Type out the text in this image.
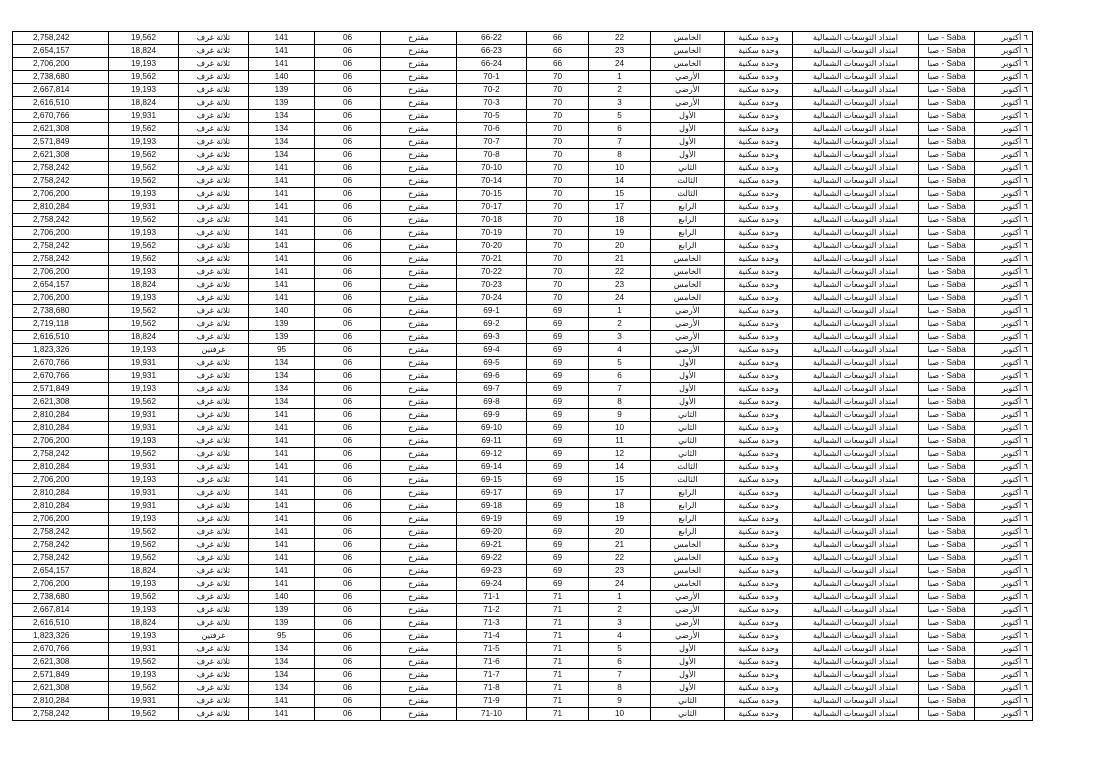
2,758,242	19,562	ثلاثة غرف	141	06	مقترح	66-22	66	22	الخامس	وحدة سكنية	امتداد التوسعات الشمالية	Saba - صبا	٦ أكتوبر
2,654,157	18,824	ثلاثة غرف	141	06	مقترح	66-23	66	23	الخامس	وحدة سكنية	امتداد التوسعات الشمالية	Saba - صبا	٦ أكتوبر
2,706,200	19,193	ثلاثة غرف	141	06	مقترح	66-24	66	24	الخامس	وحدة سكنية	امتداد التوسعات الشمالية	Saba - صبا	٦ أكتوبر
2,738,680	19,562	ثلاثة غرف	140	06	مقترح	70-1	70	1	الأرضي	وحدة سكنية	امتداد التوسعات الشمالية	Saba - صبا	٦ أكتوبر
2,667,814	19,193	ثلاثة غرف	139	06	مقترح	70-2	70	2	الأرضي	وحدة سكنية	امتداد التوسعات الشمالية	Saba - صبا	٦ أكتوبر
2,616,510	18,824	ثلاثة غرف	139	06	مقترح	70-3	70	3	الأرضي	وحدة سكنية	امتداد التوسعات الشمالية	Saba - صبا	٦ أكتوبر
2,670,766	19,931	ثلاثة غرف	134	06	مقترح	70-5	70	5	الأول	وحدة سكنية	امتداد التوسعات الشمالية	Saba - صبا	٦ أكتوبر
2,621,308	19,562	ثلاثة غرف	134	06	مقترح	70-6	70	6	الأول	وحدة سكنية	امتداد التوسعات الشمالية	Saba - صبا	٦ أكتوبر
2,571,849	19,193	ثلاثة غرف	134	06	مقترح	70-7	70	7	الأول	وحدة سكنية	امتداد التوسعات الشمالية	Saba - صبا	٦ أكتوبر
2,621,308	19,562	ثلاثة غرف	134	06	مقترح	70-8	70	8	الأول	وحدة سكنية	امتداد التوسعات الشمالية	Saba - صبا	٦ أكتوبر
2,758,242	19,562	ثلاثة غرف	141	06	مقترح	70-10	70	10	الثاني	وحدة سكنية	امتداد التوسعات الشمالية	Saba - صبا	٦ أكتوبر
2,758,242	19,562	ثلاثة غرف	141	06	مقترح	70-14	70	14	الثالث	وحدة سكنية	امتداد التوسعات الشمالية	Saba - صبا	٦ أكتوبر
2,706,200	19,193	ثلاثة غرف	141	06	مقترح	70-15	70	15	الثالث	وحدة سكنية	امتداد التوسعات الشمالية	Saba - صبا	٦ أكتوبر
2,810,284	19,931	ثلاثة غرف	141	06	مقترح	70-17	70	17	الرابع	وحدة سكنية	امتداد التوسعات الشمالية	Saba - صبا	٦ أكتوبر
2,758,242	19,562	ثلاثة غرف	141	06	مقترح	70-18	70	18	الرابع	وحدة سكنية	امتداد التوسعات الشمالية	Saba - صبا	٦ أكتوبر
2,706,200	19,193	ثلاثة غرف	141	06	مقترح	70-19	70	19	الرابع	وحدة سكنية	امتداد التوسعات الشمالية	Saba - صبا	٦ أكتوبر
2,758,242	19,562	ثلاثة غرف	141	06	مقترح	70-20	70	20	الرابع	وحدة سكنية	امتداد التوسعات الشمالية	Saba - صبا	٦ أكتوبر
2,758,242	19,562	ثلاثة غرف	141	06	مقترح	70-21	70	21	الخامس	وحدة سكنية	امتداد التوسعات الشمالية	Saba - صبا	٦ أكتوبر
2,706,200	19,193	ثلاثة غرف	141	06	مقترح	70-22	70	22	الخامس	وحدة سكنية	امتداد التوسعات الشمالية	Saba - صبا	٦ أكتوبر
2,654,157	18,824	ثلاثة غرف	141	06	مقترح	70-23	70	23	الخامس	وحدة سكنية	امتداد التوسعات الشمالية	Saba - صبا	٦ أكتوبر
2,706,200	19,193	ثلاثة غرف	141	06	مقترح	70-24	70	24	الخامس	وحدة سكنية	امتداد التوسعات الشمالية	Saba - صبا	٦ أكتوبر
2,738,680	19,562	ثلاثة غرف	140	06	مقترح	69-1	69	1	الأرضي	وحدة سكنية	امتداد التوسعات الشمالية	Saba - صبا	٦ أكتوبر
2,719,118	19,562	ثلاثة غرف	139	06	مقترح	69-2	69	2	الأرضي	وحدة سكنية	امتداد التوسعات الشمالية	Saba - صبا	٦ أكتوبر
2,616,510	18,824	ثلاثة غرف	139	06	مقترح	69-3	69	3	الأرضي	وحدة سكنية	امتداد التوسعات الشمالية	Saba - صبا	٦ أكتوبر
1,823,326	19,193	غرفتين	95	06	مقترح	69-4	69	4	الأرضي	وحدة سكنية	امتداد التوسعات الشمالية	Saba - صبا	٦ أكتوبر
2,670,766	19,931	ثلاثة غرف	134	06	مقترح	69-5	69	5	الأول	وحدة سكنية	امتداد التوسعات الشمالية	Saba - صبا	٦ أكتوبر
2,670,766	19,931	ثلاثة غرف	134	06	مقترح	69-6	69	6	الأول	وحدة سكنية	امتداد التوسعات الشمالية	Saba - صبا	٦ أكتوبر
2,571,849	19,193	ثلاثة غرف	134	06	مقترح	69-7	69	7	الأول	وحدة سكنية	امتداد التوسعات الشمالية	Saba - صبا	٦ أكتوبر
2,621,308	19,562	ثلاثة غرف	134	06	مقترح	69-8	69	8	الأول	وحدة سكنية	امتداد التوسعات الشمالية	Saba - صبا	٦ أكتوبر
2,810,284	19,931	ثلاثة غرف	141	06	مقترح	69-9	69	9	الثاني	وحدة سكنية	امتداد التوسعات الشمالية	Saba - صبا	٦ أكتوبر
2,810,284	19,931	ثلاثة غرف	141	06	مقترح	69-10	69	10	الثاني	وحدة سكنية	امتداد التوسعات الشمالية	Saba - صبا	٦ أكتوبر
2,706,200	19,193	ثلاثة غرف	141	06	مقترح	69-11	69	11	الثاني	وحدة سكنية	امتداد التوسعات الشمالية	Saba - صبا	٦ أكتوبر
2,758,242	19,562	ثلاثة غرف	141	06	مقترح	69-12	69	12	الثاني	وحدة سكنية	امتداد التوسعات الشمالية	Saba - صبا	٦ أكتوبر
2,810,284	19,931	ثلاثة غرف	141	06	مقترح	69-14	69	14	الثالث	وحدة سكنية	امتداد التوسعات الشمالية	Saba - صبا	٦ أكتوبر
2,706,200	19,193	ثلاثة غرف	141	06	مقترح	69-15	69	15	الثالث	وحدة سكنية	امتداد التوسعات الشمالية	Saba - صبا	٦ أكتوبر
2,810,284	19,931	ثلاثة غرف	141	06	مقترح	69-17	69	17	الرابع	وحدة سكنية	امتداد التوسعات الشمالية	Saba - صبا	٦ أكتوبر
2,810,284	19,931	ثلاثة غرف	141	06	مقترح	69-18	69	18	الرابع	وحدة سكنية	امتداد التوسعات الشمالية	Saba - صبا	٦ أكتوبر
2,706,200	19,193	ثلاثة غرف	141	06	مقترح	69-19	69	19	الرابع	وحدة سكنية	امتداد التوسعات الشمالية	Saba - صبا	٦ أكتوبر
2,758,242	19,562	ثلاثة غرف	141	06	مقترح	69-20	69	20	الرابع	وحدة سكنية	امتداد التوسعات الشمالية	Saba - صبا	٦ أكتوبر
2,758,242	19,562	ثلاثة غرف	141	06	مقترح	69-21	69	21	الخامس	وحدة سكنية	امتداد التوسعات الشمالية	Saba - صبا	٦ أكتوبر
2,758,242	19,562	ثلاثة غرف	141	06	مقترح	69-22	69	22	الخامس	وحدة سكنية	امتداد التوسعات الشمالية	Saba - صبا	٦ أكتوبر
2,654,157	18,824	ثلاثة غرف	141	06	مقترح	69-23	69	23	الخامس	وحدة سكنية	امتداد التوسعات الشمالية	Saba - صبا	٦ أكتوبر
2,706,200	19,193	ثلاثة غرف	141	06	مقترح	69-24	69	24	الخامس	وحدة سكنية	امتداد التوسعات الشمالية	Saba - صبا	٦ أكتوبر
2,738,680	19,562	ثلاثة غرف	140	06	مقترح	71-1	71	1	الأرضي	وحدة سكنية	امتداد التوسعات الشمالية	Saba - صبا	٦ أكتوبر
2,667,814	19,193	ثلاثة غرف	139	06	مقترح	71-2	71	2	الأرضي	وحدة سكنية	امتداد التوسعات الشمالية	Saba - صبا	٦ أكتوبر
2,616,510	18,824	ثلاثة غرف	139	06	مقترح	71-3	71	3	الأرضي	وحدة سكنية	امتداد التوسعات الشمالية	Saba - صبا	٦ أكتوبر
1,823,326	19,193	غرفتين	95	06	مقترح	71-4	71	4	الأرضي	وحدة سكنية	امتداد التوسعات الشمالية	Saba - صبا	٦ أكتوبر
2,670,766	19,931	ثلاثة غرف	134	06	مقترح	71-5	71	5	الأول	وحدة سكنية	امتداد التوسعات الشمالية	Saba - صبا	٦ أكتوبر
2,621,308	19,562	ثلاثة غرف	134	06	مقترح	71-6	71	6	الأول	وحدة سكنية	امتداد التوسعات الشمالية	Saba - صبا	٦ أكتوبر
2,571,849	19,193	ثلاثة غرف	134	06	مقترح	71-7	71	7	الأول	وحدة سكنية	امتداد التوسعات الشمالية	Saba - صبا	٦ أكتوبر
2,621,308	19,562	ثلاثة غرف	134	06	مقترح	71-8	71	8	الأول	وحدة سكنية	امتداد التوسعات الشمالية	Saba - صبا	٦ أكتوبر
2,810,284	19,931	ثلاثة غرف	141	06	مقترح	71-9	71	9	الثاني	وحدة سكنية	امتداد التوسعات الشمالية	Saba - صبا	٦ أكتوبر
2,758,242	19,562	ثلاثة غرف	141	06	مقترح	71-10	71	10	الثاني	وحدة سكنية	امتداد التوسعات الشمالية	Saba - صبا	٦ أكتوبر
